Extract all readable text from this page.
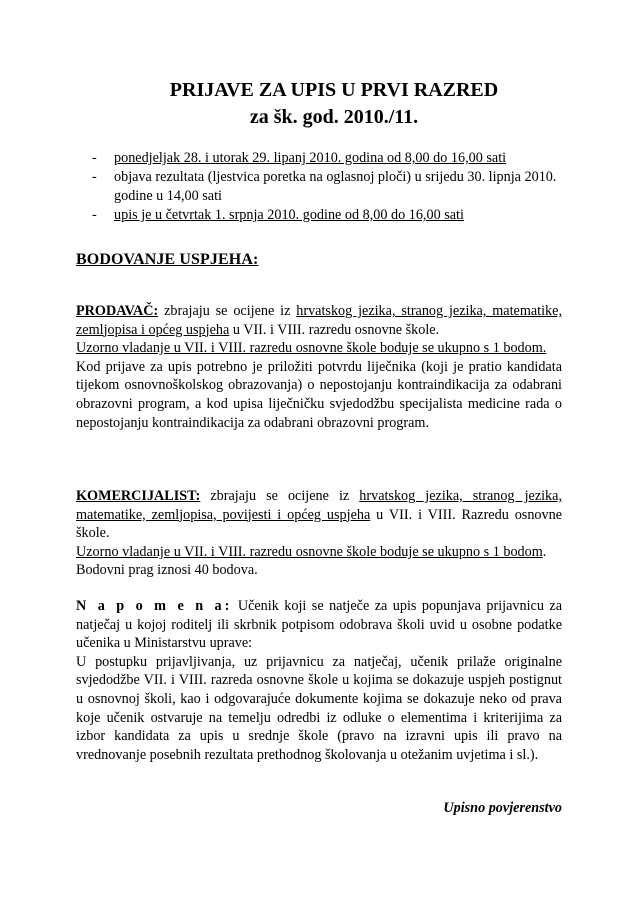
PRIJAVE ZA UPIS U PRVI RAZRED
za šk. god. 2010./11.
- ponedjeljak 28. i utorak 29. lipanj 2010. godina od 8,00 do 16,00 sati
- objava rezultata (ljestvica poretka na oglasnoj ploči) u srijedu 30. lipnja 2010. godine u 14,00 sati
- upis je u četvrtak 1. srpnja 2010. godine od 8,00 do 16,00 sati
BODOVANJE USPJEHA:

PRODAVAČ: zbrajaju se ocijene iz hrvatskog jezika, stranog jezika, matematike, zemljopisa i općeg uspjeha u VII. i VIII. razredu osnovne škole.
Uzorno vladanje u VII. i VIII. razredu osnovne škole boduje se ukupno s 1 bodom.
Kod prijave za upis potrebno je priložiti potvrdu liječnika (koji je pratio kandidata tijekom osnovnoškolskog obrazovanja) o nepostojanju kontraindikacija za odabrani obrazovni program, a kod upisa liječničku svjedodžbu specijalista medicine rada o nepostojanju kontraindikacija za odabrani obrazovni program.

KOMERCIJALIST: zbrajaju se ocijene iz hrvatskog jezika, stranog jezika, matematike, zemljopisa, povijesti i općeg uspjeha u VII. i VIII. Razredu osnovne škole.
Uzorno vladanje u VII. i VIII. razredu osnovne škole boduje se ukupno s 1 bodom.
Bodovni prag iznosi 40 bodova.

N a p o m e n a: Učenik koji se natječe za upis popunjava prijavnicu za natječaj u kojoj roditelj ili skrbnik potpisom odobrava školi uvid u osobne podatke učenika u Ministarstvu uprave:
U postupku prijavljivanja, uz prijavnicu za natječaj, učenik prilaže originalne svjedodžbe VII. i VIII. razreda osnovne škole u kojima se dokazuje uspjeh postignut u osnovnoj školi, kao i odgovarajuće dokumente kojima se dokazuje neko od prava koje učenik ostvaruje na temelju odredbi iz odluke o elementima i kriterijima za izbor kandidata za upis u srednje škole (pravo na izravni upis ili pravo na vrednovanje posebnih rezultata prethodnog školovanja u otežanim uvjetima i sl.).

Upisno povjerenstvo
